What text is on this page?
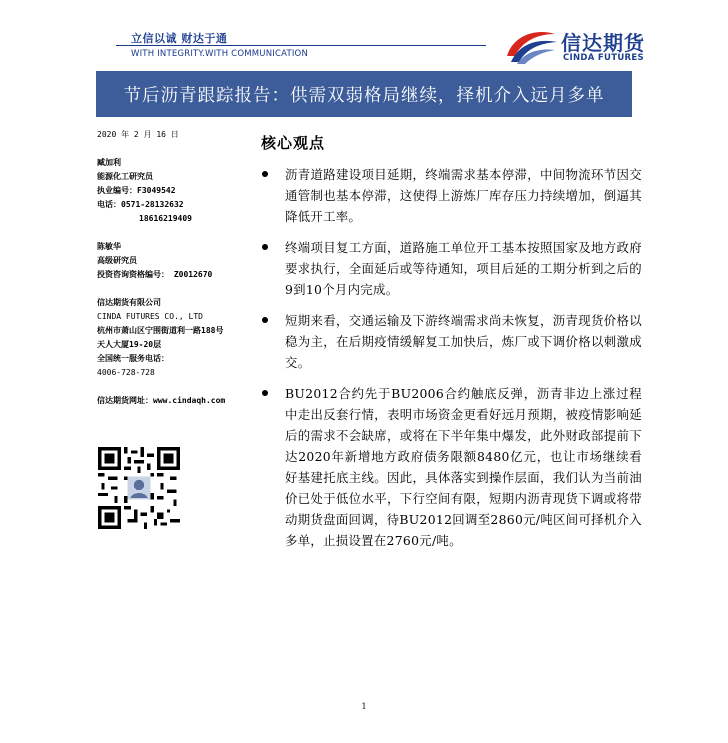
立信以诚 财达于通
WITH INTEGRITY.WITH COMMUNICATION	信达期货
CINDA FUTURES
节后沥青跟踪报告：供需双弱格局继续，择机介入远月多单
2020 年 2 月 16 日
臧加利
能源化工研究员
执业编号：F3049542
电话：0571-28132632
18616219409
陈敏华
高级研究员
投资咨询资格编号： Z0012670
信达期货有限公司
CINDA FUTURES CO., LTD
杭州市萧山区宁围街道利一路188号
天人大厦19-20层
全国统一服务电话：
4006-728-728
信达期货网址：www.cindaqh.com
核心观点
沥青道路建设项目延期，终端需求基本停滞，中间物流环节因交通管制也基本停滞，这使得上游炼厂库存压力持续增加，倒逼其降低开工率。
终端项目复工方面，道路施工单位开工基本按照国家及地方政府要求执行，全面延后或等待通知，项目后延的工期分析到之后的9到10个月内完成。
短期来看，交通运输及下游终端需求尚未恢复，沥青现货价格以稳为主，在后期疫情缓解复工加快后，炼厂或下调价格以刺激成交。
BU2012合约先于BU2006合约触底反弹，沥青非边上涨过程中走出反套行情，表明市场资金更看好远月预期，被疫情影响延后的需求不会缺席，或将在下半年集中爆发，此外财政部提前下达2020年新增地方政府债务限额8480亿元，也让市场继续看好基建托底主线。因此，具体落实到操作层面，我们认为当前油价已处于低位水平，下行空间有限，短期内沥青现货下调或将带动期货盘面回调，待BU2012回调至2860元/吨区间可择机介入多单，止损设置在2760元/吨。
1
